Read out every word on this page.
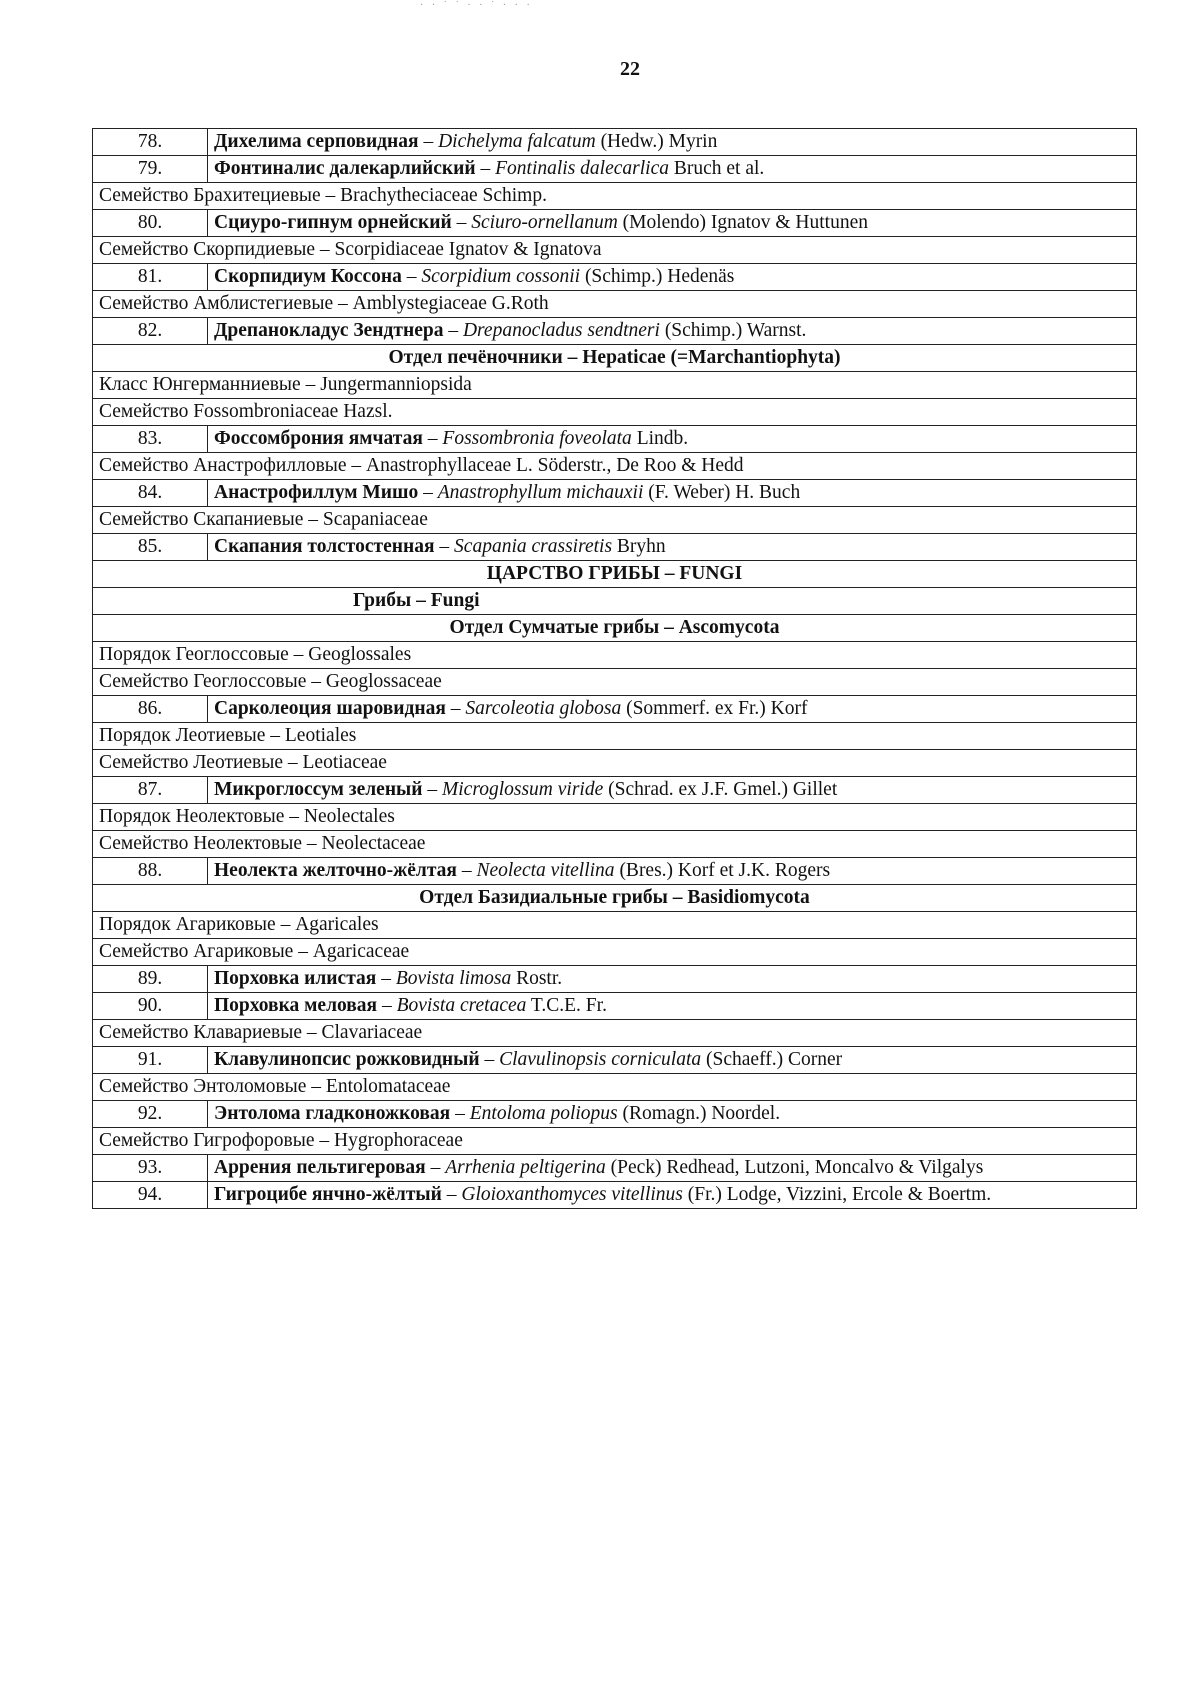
· · ˙ ˙ · · ˙ · · ·
22
78.	Дихелима серповидная – Dichelyma falcatum (Hedw.) Myrin
79.	Фонтиналис далекарлийский – Fontinalis dalecarlica Bruch et al.
Семейство Брахитециевые – Brachytheciaceae Schimp.	
80.	Сциуро-гипнум орнейский – Sciuro-ornellanum (Molendo) Ignatov & Huttunen
Семейство Скорпидиевые – Scorpidiaceae Ignatov & Ignatova	
81.	Скорпидиум Коссона – Scorpidium cossonii (Schimp.) Hedenäs
Семейство Амблистегиевые – Amblystegiaceae G.Roth	
82.	Дрепанокладус Зендтнера – Drepanocladus sendtneri (Schimp.) Warnst.
Отдел печёночники – Hepaticae (=Marchantiophyta)	
Класс Юнгерманниевые – Jungermanniopsida	
Семейство Fossombroniaceae Hazsl.	
83.	Фоссомброния ямчатая – Fossombronia foveolata Lindb.
Семейство Анастрофилловые – Anastrophyllaceae L. Söderstr., De Roo & Hedd	
84.	Анастрофиллум Мишо – Anastrophyllum michauxii (F. Weber) H. Buch
Семейство Скапаниевые – Scapaniaceae	
85.	Скапания толстостенная – Scapania crassiretis Bryhn
ЦАРСТВО ГРИБЫ – FUNGI	
Грибы – Fungi	
Отдел Сумчатые грибы – Ascomycota	
Порядок Геоглоссовые – Geoglossales	
Семейство Геоглоссовые – Geoglossaceae	
86.	Сарколеоция шаровидная – Sarcoleotia globosa (Sommerf. ex Fr.) Korf
Порядок Леотиевые – Leotiales	
Семейство Леотиевые – Leotiaceae	
87.	Микроглоссум зеленый – Microglossum viride (Schrad. ex J.F. Gmel.) Gillet
Порядок Неолектовые – Neolectales	
Семейство Неолектовые – Neolectaceae	
88.	Неолекта желточно-жёлтая – Neolecta vitellina (Bres.) Korf et J.K. Rogers
Отдел Базидиальные грибы – Basidiomycota	
Порядок Агариковые – Agaricales	
Семейство Агариковые – Agaricaceae	
89.	Порховка илистая – Bovista limosa Rostr.
90.	Порховка меловая – Bovista cretacea T.C.E. Fr.
Семейство Клавариевые – Clavariaceae	
91.	Клавулинопсис рожковидный – Clavulinopsis corniculata (Schaeff.) Corner
Семейство Энтоломовые – Entolomataceae	
92.	Энтолома гладконожковая – Entoloma poliopus (Romagn.) Noordel.
Семейство Гигрофоровые – Hygrophoraceae	
93.	Аррения пельтигеровая – Arrhenia peltigerina (Peck) Redhead, Lutzoni, Moncalvo & Vilgalys
94.	Гигроцибе янчно-жёлтый – Gloioxanthomyces vitellinus (Fr.) Lodge, Vizzini, Ercole & Boertm.
